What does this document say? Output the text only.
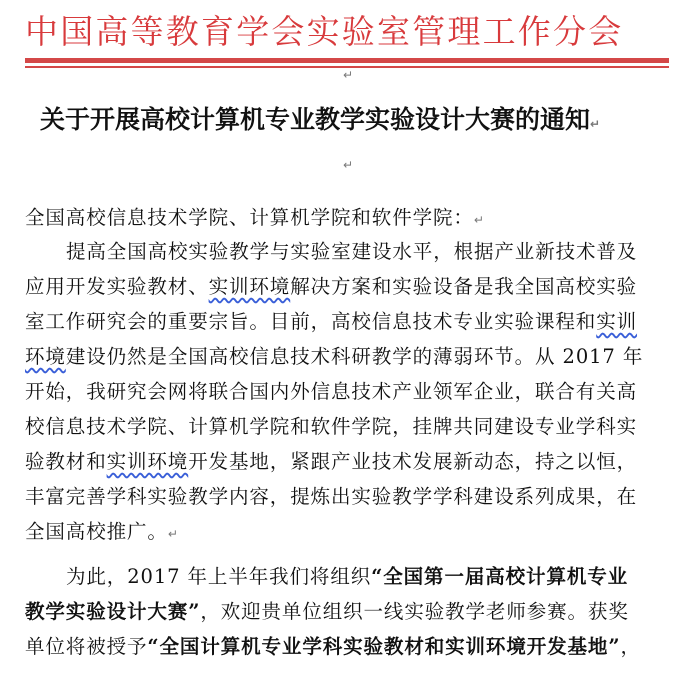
中国高等教育学会实验室管理工作分会
↵
关于开展高校计算机专业教学实验设计大赛的通知↵
↵
全国高校信息技术学院、计算机学院和软件学院：↵
提高全国高校实验教学与实验室建设水平，根据产业新技术普及
应用开发实验教材、实训环境解决方案和实验设备是我全国高校实验
室工作研究会的重要宗旨。目前，高校信息技术专业实验课程和实训
环境建设仍然是全国高校信息技术科研教学的薄弱环节。从 2017 年
开始，我研究会网将联合国内外信息技术产业领军企业，联合有关高
校信息技术学院、计算机学院和软件学院，挂牌共同建设专业学科实
验教材和实训环境开发基地，紧跟产业技术发展新动态，持之以恒，
丰富完善学科实验教学内容，提炼出实验教学学科建设系列成果，在
全国高校推广。↵
为此，2017 年上半年我们将组织“全国第一届高校计算机专业
教学实验设计大赛”，欢迎贵单位组织一线实验教学老师参赛。获奖
单位将被授予“全国计算机专业学科实验教材和实训环境开发基地”，
